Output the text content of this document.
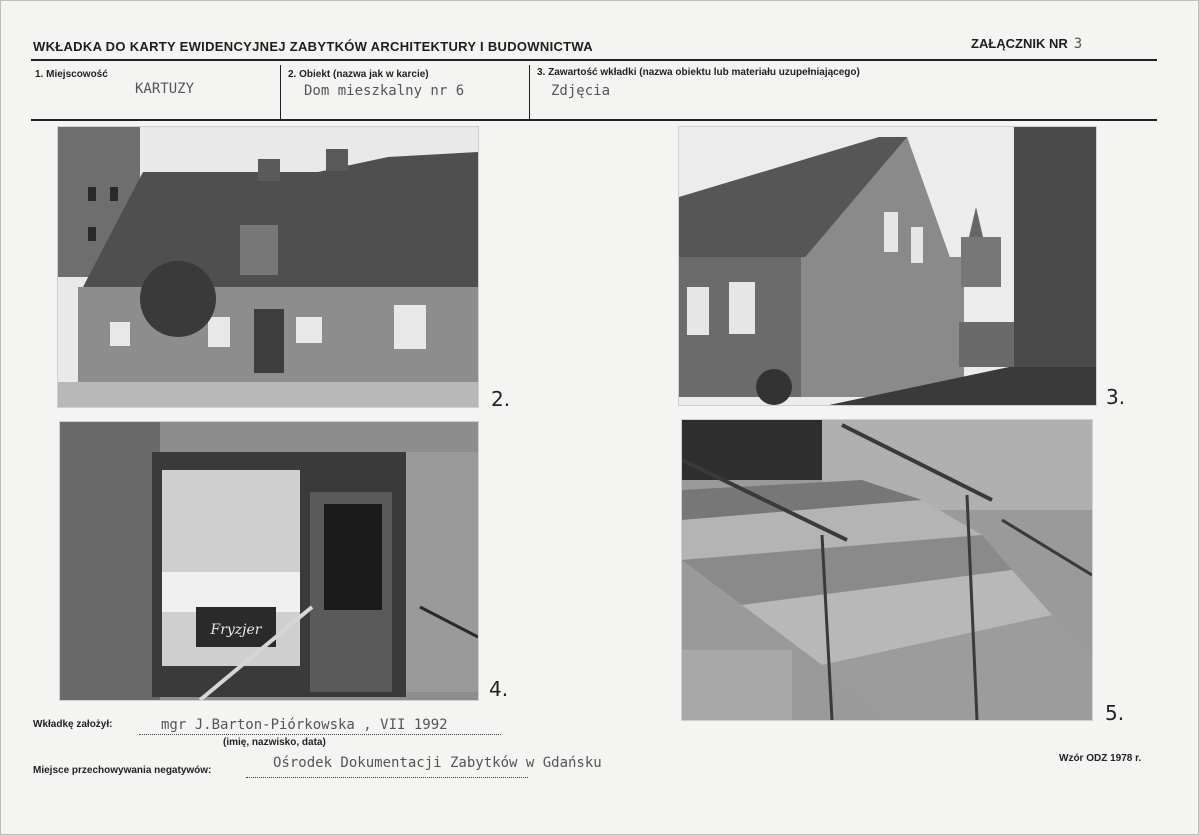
WKŁADKA DO KARTY EWIDENCYJNEJ ZABYTKÓW ARCHITEKTURY I BUDOWNICTWA	ZAŁĄCZNIK NR 3
1. Miejscowość
KARTUZY
2. Obiekt (nazwa jak w karcie)
Dom mieszkalny nr 6
3. Zawartość wkładki (nazwa obiektu lub materiału uzupełniającego)
Zdjęcia
2.	3.
Fryzjer
4.
5.
Wkładkę założył:	mgr J.Barton-Piórkowska , VII 1992
(imię, nazwisko, data)
Miejsce przechowywania negatywów:	Ośrodek Dokumentacji Zabytków w Gdańsku	Wzór ODZ 1978 r.
